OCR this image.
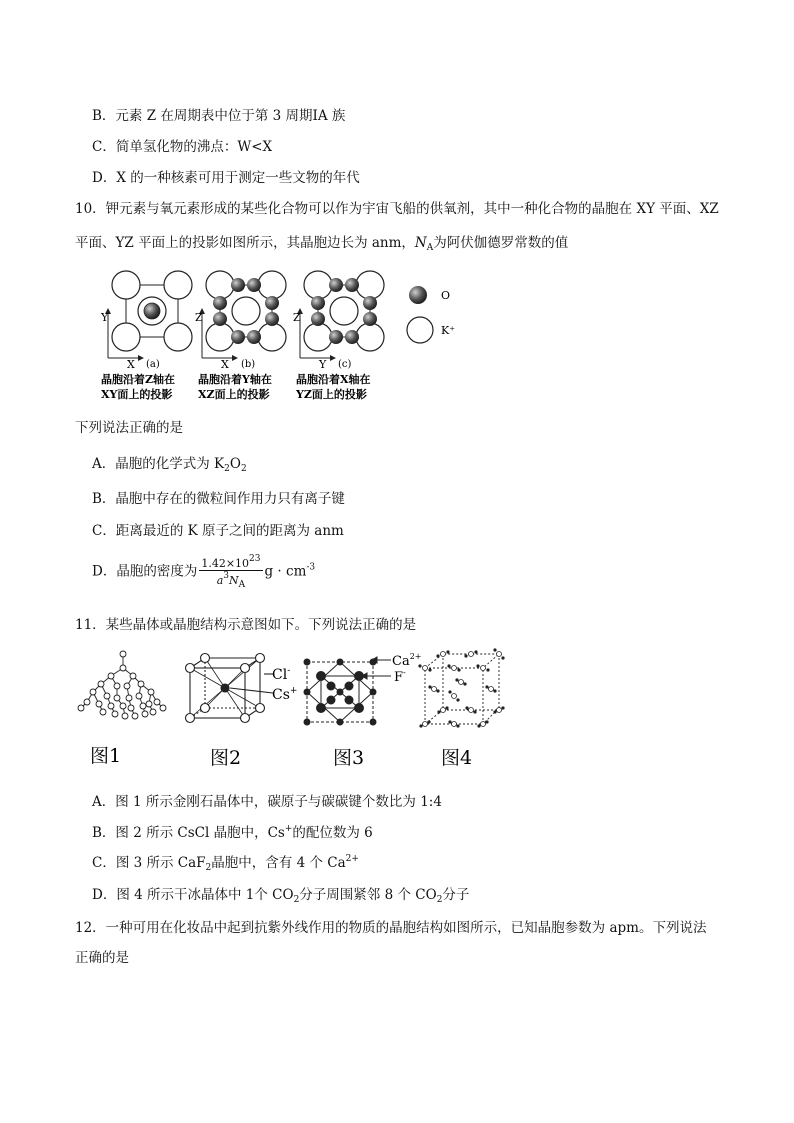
B．元素 Z 在周期表中位于第 3 周期ⅠA 族
C．简单氢化物的沸点：W<X
D．X 的一种核素可用于测定一些文物的年代
10．钾元素与氧元素形成的某些化合物可以作为宇宙飞船的供氧剂，其中一种化合物的晶胞在 XY 平面、XZ
平面、YZ 平面上的投影如图所示，其晶胞边长为 anm，$N_A$为阿伏伽德罗常数的值
Y
X (a)
晶胞沿着Z轴在
XY面上的投影
Z
X (b)
晶胞沿着Y轴在
XZ面上的投影
Z
Y (c)
晶胞沿着X轴在
YZ面上的投影
O
K⁺
下列说法正确的是
A．晶胞的化学式为 $K_2O_2$
B．晶胞中存在的微粒间作用力只有离子键
C．距离最近的 K 原子之间的距离为 anm
D．晶胞的密度为 $\frac{1.42\times 10^{23}}{a^3N_A}$ $g \cdot cm^{-3}$
11．某些晶体或晶胞结构示意图如下。下列说法正确的是
Cl-
Cs+
$Ca^{2+}$
F-
图1	图2	图3	图4
A．图 1 所示金刚石晶体中，碳原子与碳碳键个数比为 1:4
B．图 2 所示 CsCl 晶胞中，Cs+的配位数为 6
C．图 3 所示 CaF$_2$晶胞中，含有 4 个 $Ca^{2+}$
D．图 4 所示干冰晶体中 1个 $CO_2$分子周围紧邻 8 个 $CO_2$分子
12．一种可用在化妆品中起到抗紫外线作用的物质的晶胞结构如图所示，已知晶胞参数为 apm。下列说法
正确的是
